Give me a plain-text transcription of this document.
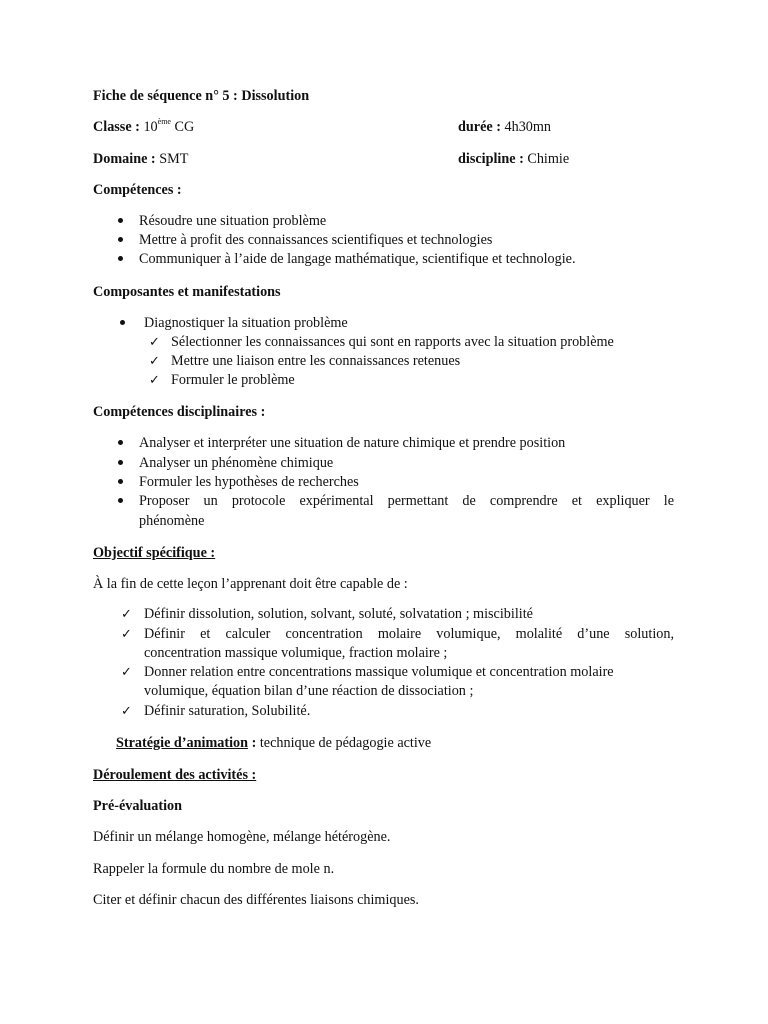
Fiche de séquence n° 5 : Dissolution
Classe : 10ème CG	durée : 4h30mn
Domaine : SMT	discipline : Chimie
Compétences :
Résoudre une situation problème
Mettre à profit des connaissances scientifiques et technologies
Communiquer à l’aide de langage mathématique, scientifique et technologie.
Composantes et manifestations
Diagnostiquer la situation problème
✓
✓
✓
Sélectionner les connaissances qui sont en rapports avec la situation problème
Mettre une liaison entre les connaissances retenues
Formuler le problème
Compétences disciplinaires :
Analyser et interpréter une situation de nature chimique et prendre position
Analyser un phénomène chimique
Formuler les hypothèses de recherches
Proposer un protocole expérimental permettant de comprendre et expliquer le
phénomène
Objectif spécifique :
À la fin de cette leçon l’apprenant doit être capable de :
✓ Définir dissolution, solution, solvant, soluté, solvatation ; miscibilité
✓ Définir et calculer concentration molaire volumique, molalité d’une solution,
concentration massique volumique, fraction molaire ;
✓ Donner relation entre concentrations massique volumique et concentration molaire
volumique, équation bilan d’une réaction de dissociation ;
✓ Définir saturation, Solubilité.
Stratégie d’animation : technique de pédagogie active
Déroulement des activités :
Pré-évaluation
Définir un mélange homogène, mélange hétérogène.
Rappeler la formule du nombre de mole n.
Citer et définir chacun des différentes liaisons chimiques.
